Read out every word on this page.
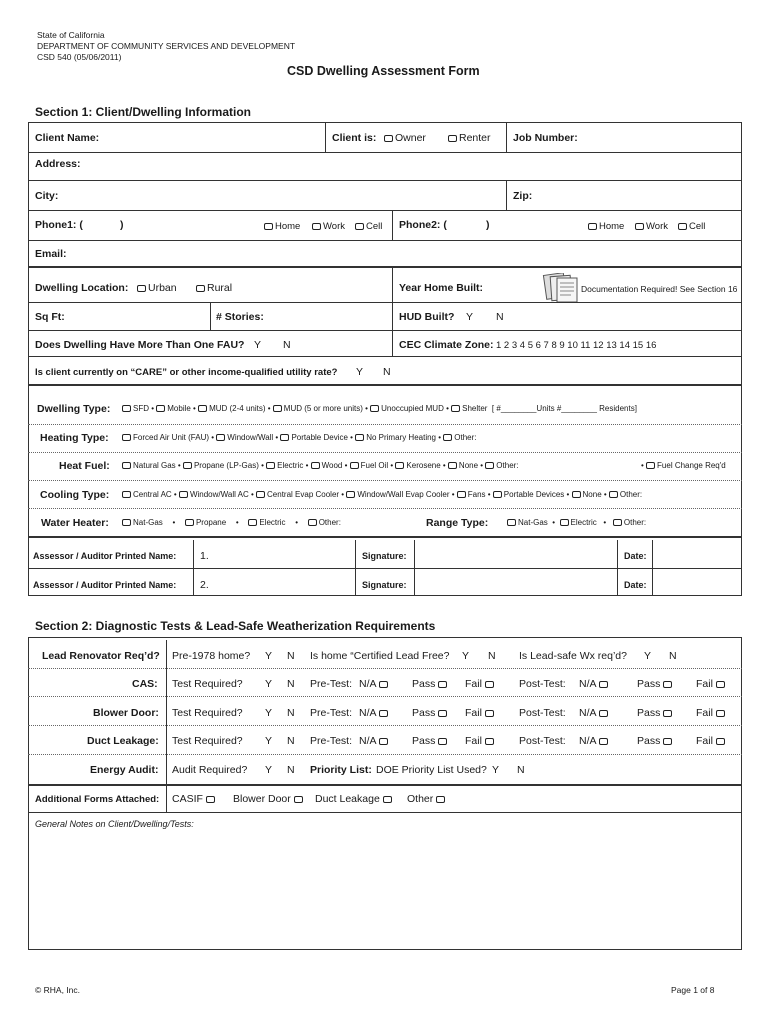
State of California
DEPARTMENT OF COMMUNITY SERVICES AND DEVELOPMENT
CSD 540 (05/06/2011)
CSD Dwelling Assessment Form
Section 1: Client/Dwelling Information
Client Name:	Client is:	Owner	Renter Job Number:
Address:
City:	Zip:
Phone1: (	)	Home	Work	Cell Phone2: (	)	Home	Work	Cell
Email:
Dwelling Location:	Urban	Rural	Year Home Built:	Documentation Required! See Section 16
Sq Ft:	# Stories:	HUD Built? Y N
Does Dwelling Have More Than One FAU? Y N	CEC Climate Zone: 1 2 3 4 5 6 7 8 9 10 11 12 13 14 15 16
Is client currently on “CARE” or other income-qualified utility rate? Y N
Dwelling Type:	SFD • Mobile • MUD (2-4 units) • MUD (5 or more units) • Unoccupied MUD • Shelter [ #________Units #________ Residents]
Heating Type:	Forced Air Unit (FAU) • Window/Wall • Portable Device • No Primary Heating • Other:
Heat Fuel:	Natural Gas • Propane (LP-Gas) • Electric • Wood • Fuel Oil • Kerosene • None • Other:	• Fuel Change Req'd
Cooling Type:	Central AC • Window/Wall AC • Central Evap Cooler • Window/Wall Evap Cooler • Fans • Portable Devices • None • Other:
Water Heater:	Nat-Gas   •   Propane   •   Electric   •   Other:	Range Type:	Nat-Gas  •  Electric   •   Other:
Assessor / Auditor Printed Name: 1.	Signature:	Date:
Assessor / Auditor Printed Name: 2.	Signature:	Date:
Section 2: Diagnostic Tests & Lead-Safe Weatherization Requirements
Lead Renovator Req’d? Pre-1978 home? Y N Is home “Certified Lead Free? Y N Is Lead-safe Wx req’d? Y N
CAS: Test Required? Y N Pre-Test: N/A	Pass	Fail	Post-Test: N/A	Pass	Fail
Blower Door: Test Required? Y N Pre-Test: N/A	Pass	Fail	Post-Test: N/A	Pass	Fail
Duct Leakage: Test Required? Y N Pre-Test: N/A	Pass	Fail	Post-Test: N/A	Pass	Fail
Energy Audit: Audit Required? Y N Priority List: DOE Priority List Used? Y N
Additional Forms Attached: CASIF	Blower Door	Duct Leakage	Other
General Notes on Client/Dwelling/Tests:
© RHA, Inc.	Page 1 of 8
